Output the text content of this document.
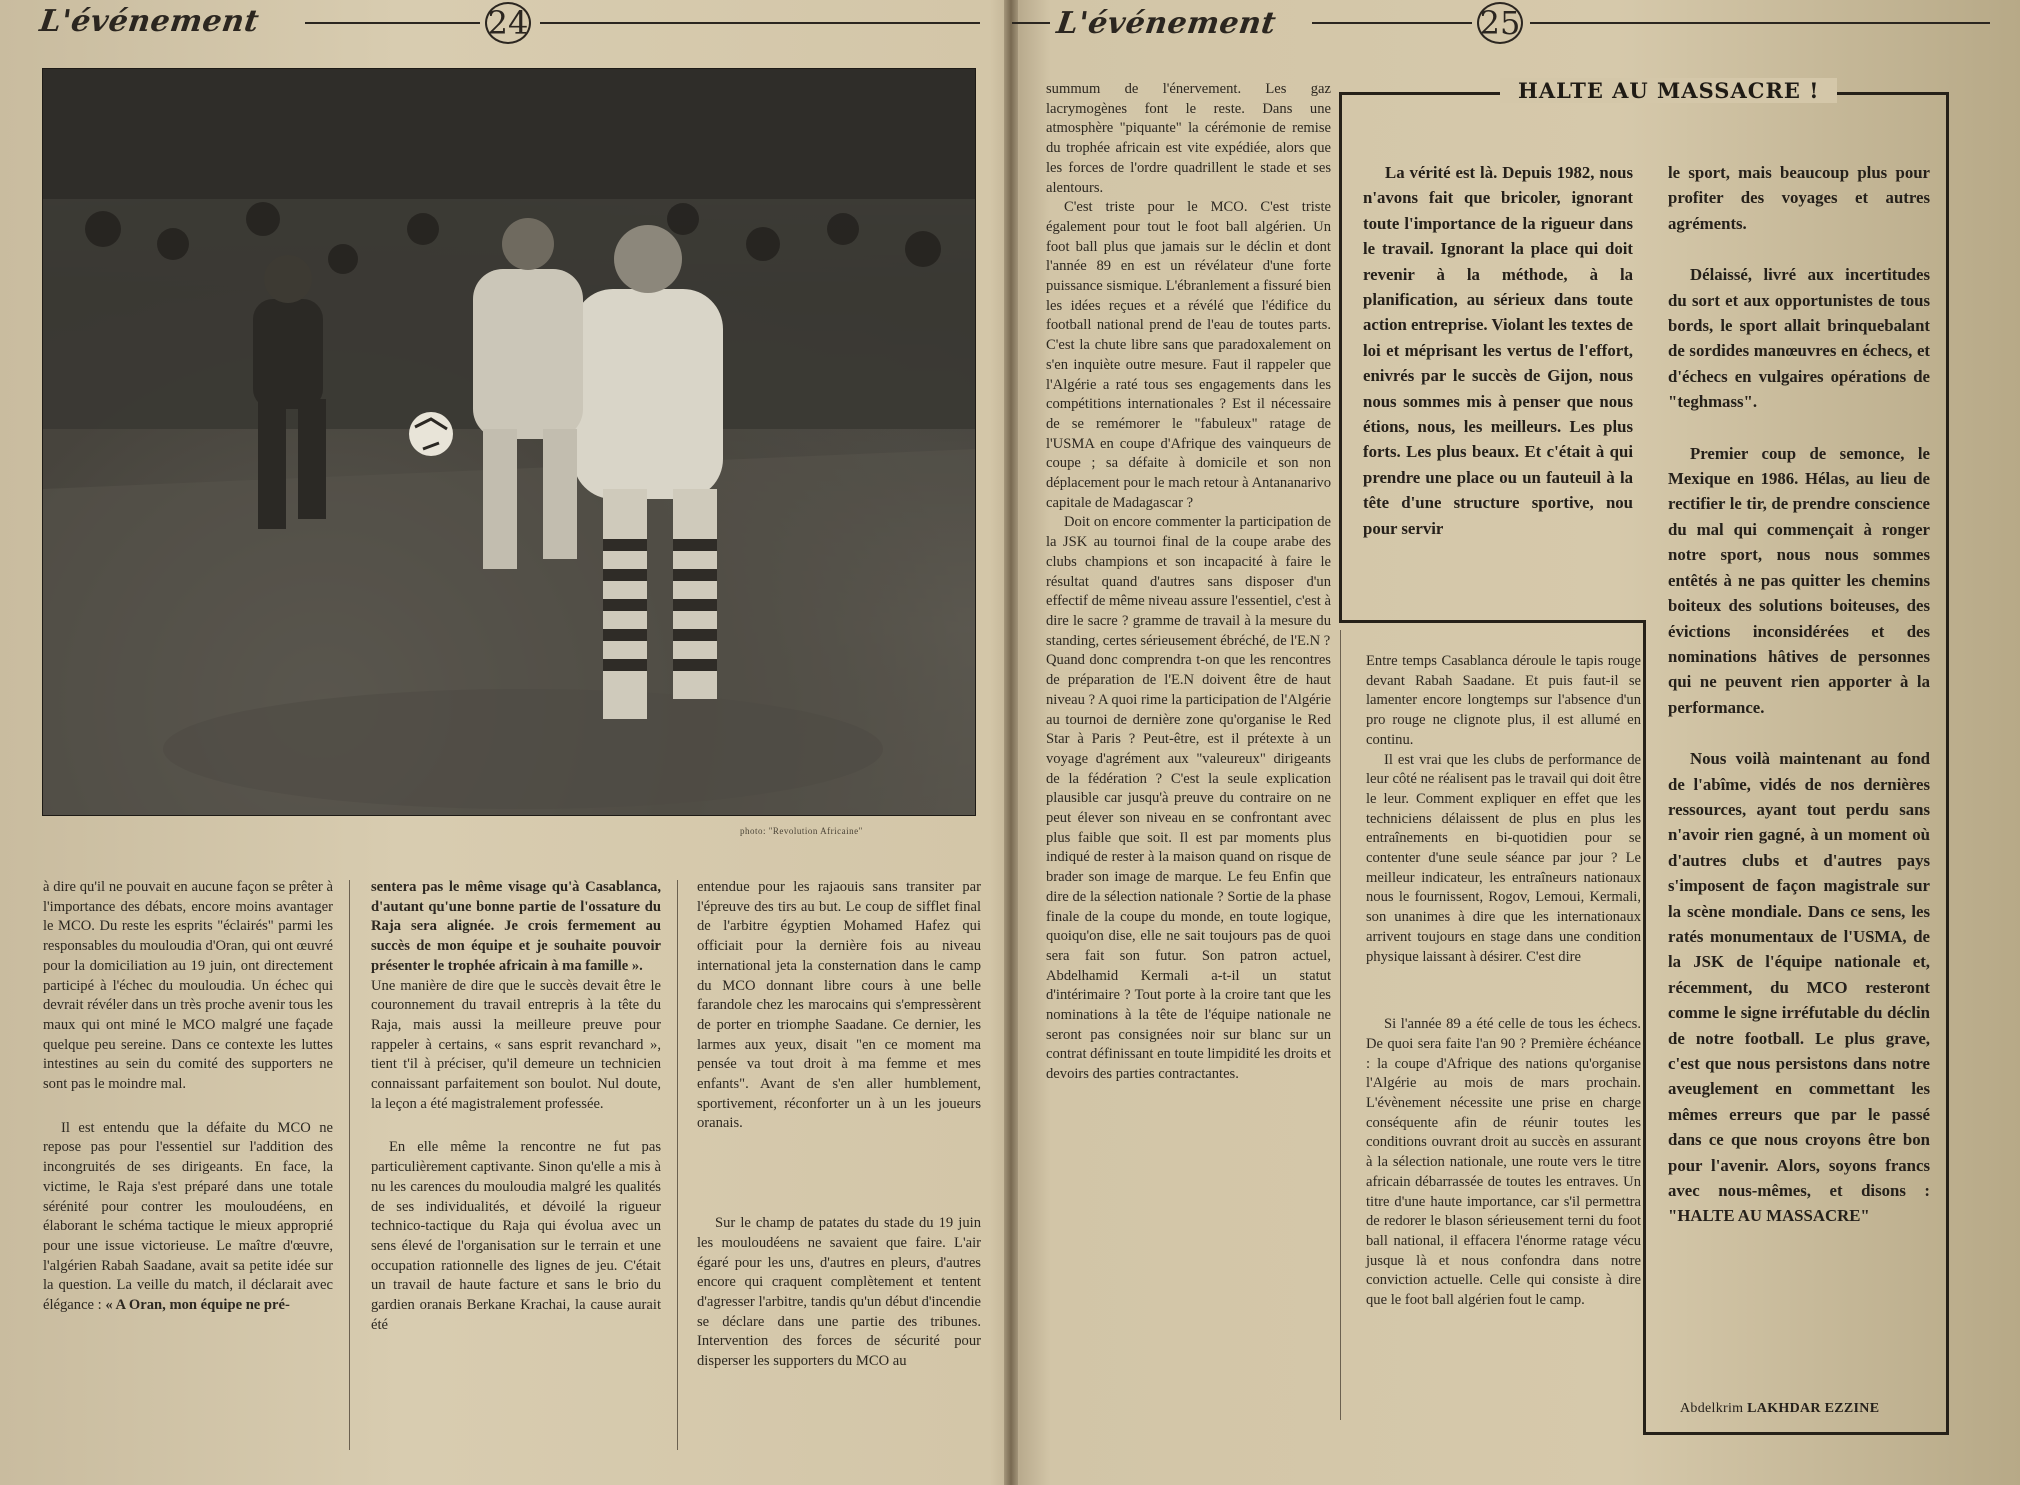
L'événement	24
photo: "Revolution Africaine"

à dire qu'il ne pouvait en aucune façon se prêter à l'importance des débats, encore moins avantager le MCO. Du reste les esprits "éclairés" parmi les responsables du mouloudia d'Oran, qui ont œuvré pour la domiciliation au 19 juin, ont directement participé à l'échec du mouloudia. Un échec qui devrait révéler dans un très proche avenir tous les maux qui ont miné le MCO malgré une façade quelque peu sereine. Dans ce contexte les luttes intestines au sein du comité des supporters ne sont pas le moindre mal.

Il est entendu que la défaite du MCO ne repose pas pour l'essentiel sur l'addition des incongruités de ses dirigeants. En face, la victime, le Raja s'est préparé dans une totale sérénité pour contrer les mouloudéens, en élaborant le schéma tactique le mieux approprié pour une issue victorieuse. Le maître d'œuvre, l'algérien Rabah Saadane, avait sa petite idée sur la question. La veille du match, il déclarait avec élégance : « A Oran, mon équipe ne pré-

sentera pas le même visage qu'à Casablanca, d'autant qu'une bonne partie de l'ossature du Raja sera alignée. Je crois fermement au succès de mon équipe et je souhaite pouvoir présenter le trophée africain à ma famille ».

Une manière de dire que le succès devait être le couronnement du travail entrepris à la tête du Raja, mais aussi la meilleure preuve pour rappeler à certains, « sans esprit revanchard », tient t'il à préciser, qu'il demeure un technicien connaissant parfaitement son boulot. Nul doute, la leçon a été magistralement professée.

En elle même la rencontre ne fut pas particulièrement captivante. Sinon qu'elle a mis à nu les carences du mouloudia malgré les qualités de ses individualités, et dévoilé la rigueur technico-tactique du Raja qui évolua avec un sens élevé de l'organisation sur le terrain et une occupation rationnelle des lignes de jeu. C'était un travail de haute facture et sans le brio du gardien oranais Berkane Krachai, la cause aurait été

entendue pour les rajaouis sans transiter par l'épreuve des tirs au but. Le coup de sifflet final de l'arbitre égyptien Mohamed Hafez qui officiait pour la dernière fois au niveau international jeta la consternation dans le camp du MCO donnant libre cours à une belle farandole chez les marocains qui s'empressèrent de porter en triomphe Saadane. Ce dernier, les larmes aux yeux, disait "en ce moment ma pensée va tout droit à ma femme et mes enfants". Avant de s'en aller humblement, sportivement, réconforter un à un les joueurs oranais.

Sur le champ de patates du stade du 19 juin les mouloudéens ne savaient que faire. L'air égaré pour les uns, d'autres en pleurs, d'autres encore qui craquent complètement et tentent d'agresser l'arbitre, tandis qu'un début d'incendie se déclare dans une partie des tribunes. Intervention des forces de sécurité pour disperser les supporters du MCO au

L'événement	25

summum de l'énervement. Les gaz lacrymogènes font le reste. Dans une atmosphère "piquante" la cérémonie de remise du trophée africain est vite expédiée, alors que les forces de l'ordre quadrillent le stade et ses alentours.

C'est triste pour le MCO. C'est triste également pour tout le foot ball algérien. Un foot ball plus que jamais sur le déclin et dont l'année 89 en est un révélateur d'une forte puissance sismique. L'ébranlement a fissuré bien les idées reçues et a révélé que l'édifice du football national prend de l'eau de toutes parts. C'est la chute libre sans que paradoxalement on s'en inquiète outre mesure. Faut il rappeler que l'Algérie a raté tous ses engagements dans les compétitions internationales ? Est il nécessaire de se remémorer le "fabuleux" ratage de l'USMA en coupe d'Afrique des vainqueurs de coupe ; sa défaite à domicile et son non déplacement pour le mach retour à Antananarivo capitale de Madagascar ?

Doit on encore commenter la participation de la JSK au tournoi final de la coupe arabe des clubs champions et son incapacité à faire le résultat quand d'autres sans disposer d'un effectif de même niveau assure l'essentiel, c'est à dire le sacre ? gramme de travail à la mesure du standing, certes sérieusement ébréché, de l'E.N ?

Quand donc comprendra t-on que les rencontres de préparation de l'E.N doivent être de haut niveau ? A quoi rime la participation de l'Algérie au tournoi de dernière zone qu'organise le Red Star à Paris ? Peut-être, est il prétexte à un voyage d'agrément aux "valeureux" dirigeants de la fédération ? C'est la seule explication plausible car jusqu'à preuve du contraire on ne peut élever son niveau en se confrontant avec plus faible que soit. Il est par moments plus indiqué de rester à la maison quand on risque de brader son image de marque. Le feu Enfin que dire de la sélection nationale ? Sortie de la phase finale de la coupe du monde, en toute logique, quoiqu'on dise, elle ne sait toujours pas de quoi sera fait son futur. Son patron actuel, Abdelhamid Kermali a-t-il un statut d'intérimaire ? Tout porte à la croire tant que les nominations à la tête de l'équipe nationale ne seront pas consignées noir sur blanc sur un contrat définissant en toute limpidité les droits et devoirs des parties contractantes.

Entre temps Casablanca déroule le tapis rouge devant Rabah Saadane. Et puis faut-il se lamenter encore longtemps sur l'absence d'un pro rouge ne clignote plus, il est allumé en continu.

Il est vrai que les clubs de performance de leur côté ne réalisent pas le travail qui doit être le leur. Comment expliquer en effet que les techniciens délaissent de plus en plus les entraînements en bi-quotidien pour se contenter d'une seule séance par jour ? Le meilleur indicateur, les entraîneurs nationaux nous le fournissent, Rogov, Lemoui, Kermali, son unanimes à dire que les internationaux arrivent toujours en stage dans une condition physique laissant à désirer. C'est dire

Si l'année 89 a été celle de tous les échecs. De quoi sera faite l'an 90 ? Première échéance : la coupe d'Afrique des nations qu'organise l'Algérie au mois de mars prochain. L'évènement nécessite une prise en charge conséquente afin de réunir toutes les conditions ouvrant droit au succès en assurant à la sélection nationale, une route vers le titre africain débarrassée de toutes les entraves. Un titre d'une haute importance, car s'il permettra de redorer le blason sérieusement terni du foot ball national, il effacera l'énorme ratage vécu jusque là et nous confondra dans notre conviction actuelle. Celle qui consiste à dire que le foot ball algérien fout le camp.

HALTE AU MASSACRE !

La vérité est là. Depuis 1982, nous n'avons fait que bricoler, ignorant toute l'importance de la rigueur dans le travail. Ignorant la place qui doit revenir à la méthode, à la planification, au sérieux dans toute action entreprise. Violant les textes de loi et méprisant les vertus de l'effort, enivrés par le succès de Gijon, nous nous sommes mis à penser que nous étions, nous, les meilleurs. Les plus forts. Les plus beaux. Et c'était à qui prendre une place ou un fauteuil à la tête d'une structure sportive, nou pour servir

le sport, mais beaucoup plus pour profiter des voyages et autres agréments.

Délaissé, livré aux incertitudes du sort et aux opportunistes de tous bords, le sport allait brinquebalant de sordides manœuvres en échecs, et d'échecs en vulgaires opérations de "teghmass".

Premier coup de semonce, le Mexique en 1986. Hélas, au lieu de rectifier le tir, de prendre conscience du mal qui commençait à ronger notre sport, nous nous sommes entêtés à ne pas quitter les chemins boiteux des solutions boiteuses, des évictions inconsidérées et des nominations hâtives de personnes qui ne peuvent rien apporter à la performance.

Nous voilà maintenant au fond de l'abîme, vidés de nos dernières ressources, ayant tout perdu sans n'avoir rien gagné, à un moment où d'autres clubs et d'autres pays s'imposent de façon magistrale sur la scène mondiale. Dans ce sens, les ratés monumentaux de l'USMA, de la JSK de l'équipe nationale et, récemment, du MCO resteront comme le signe irréfutable du déclin de notre football. Le plus grave, c'est que nous persistons dans notre aveuglement en commettant les mêmes erreurs que par le passé dans ce que nous croyons être bon pour l'avenir. Alors, soyons francs avec nous-mêmes, et disons : "HALTE AU MASSACRE"

Abdelkrim LAKHDAR EZZINE
